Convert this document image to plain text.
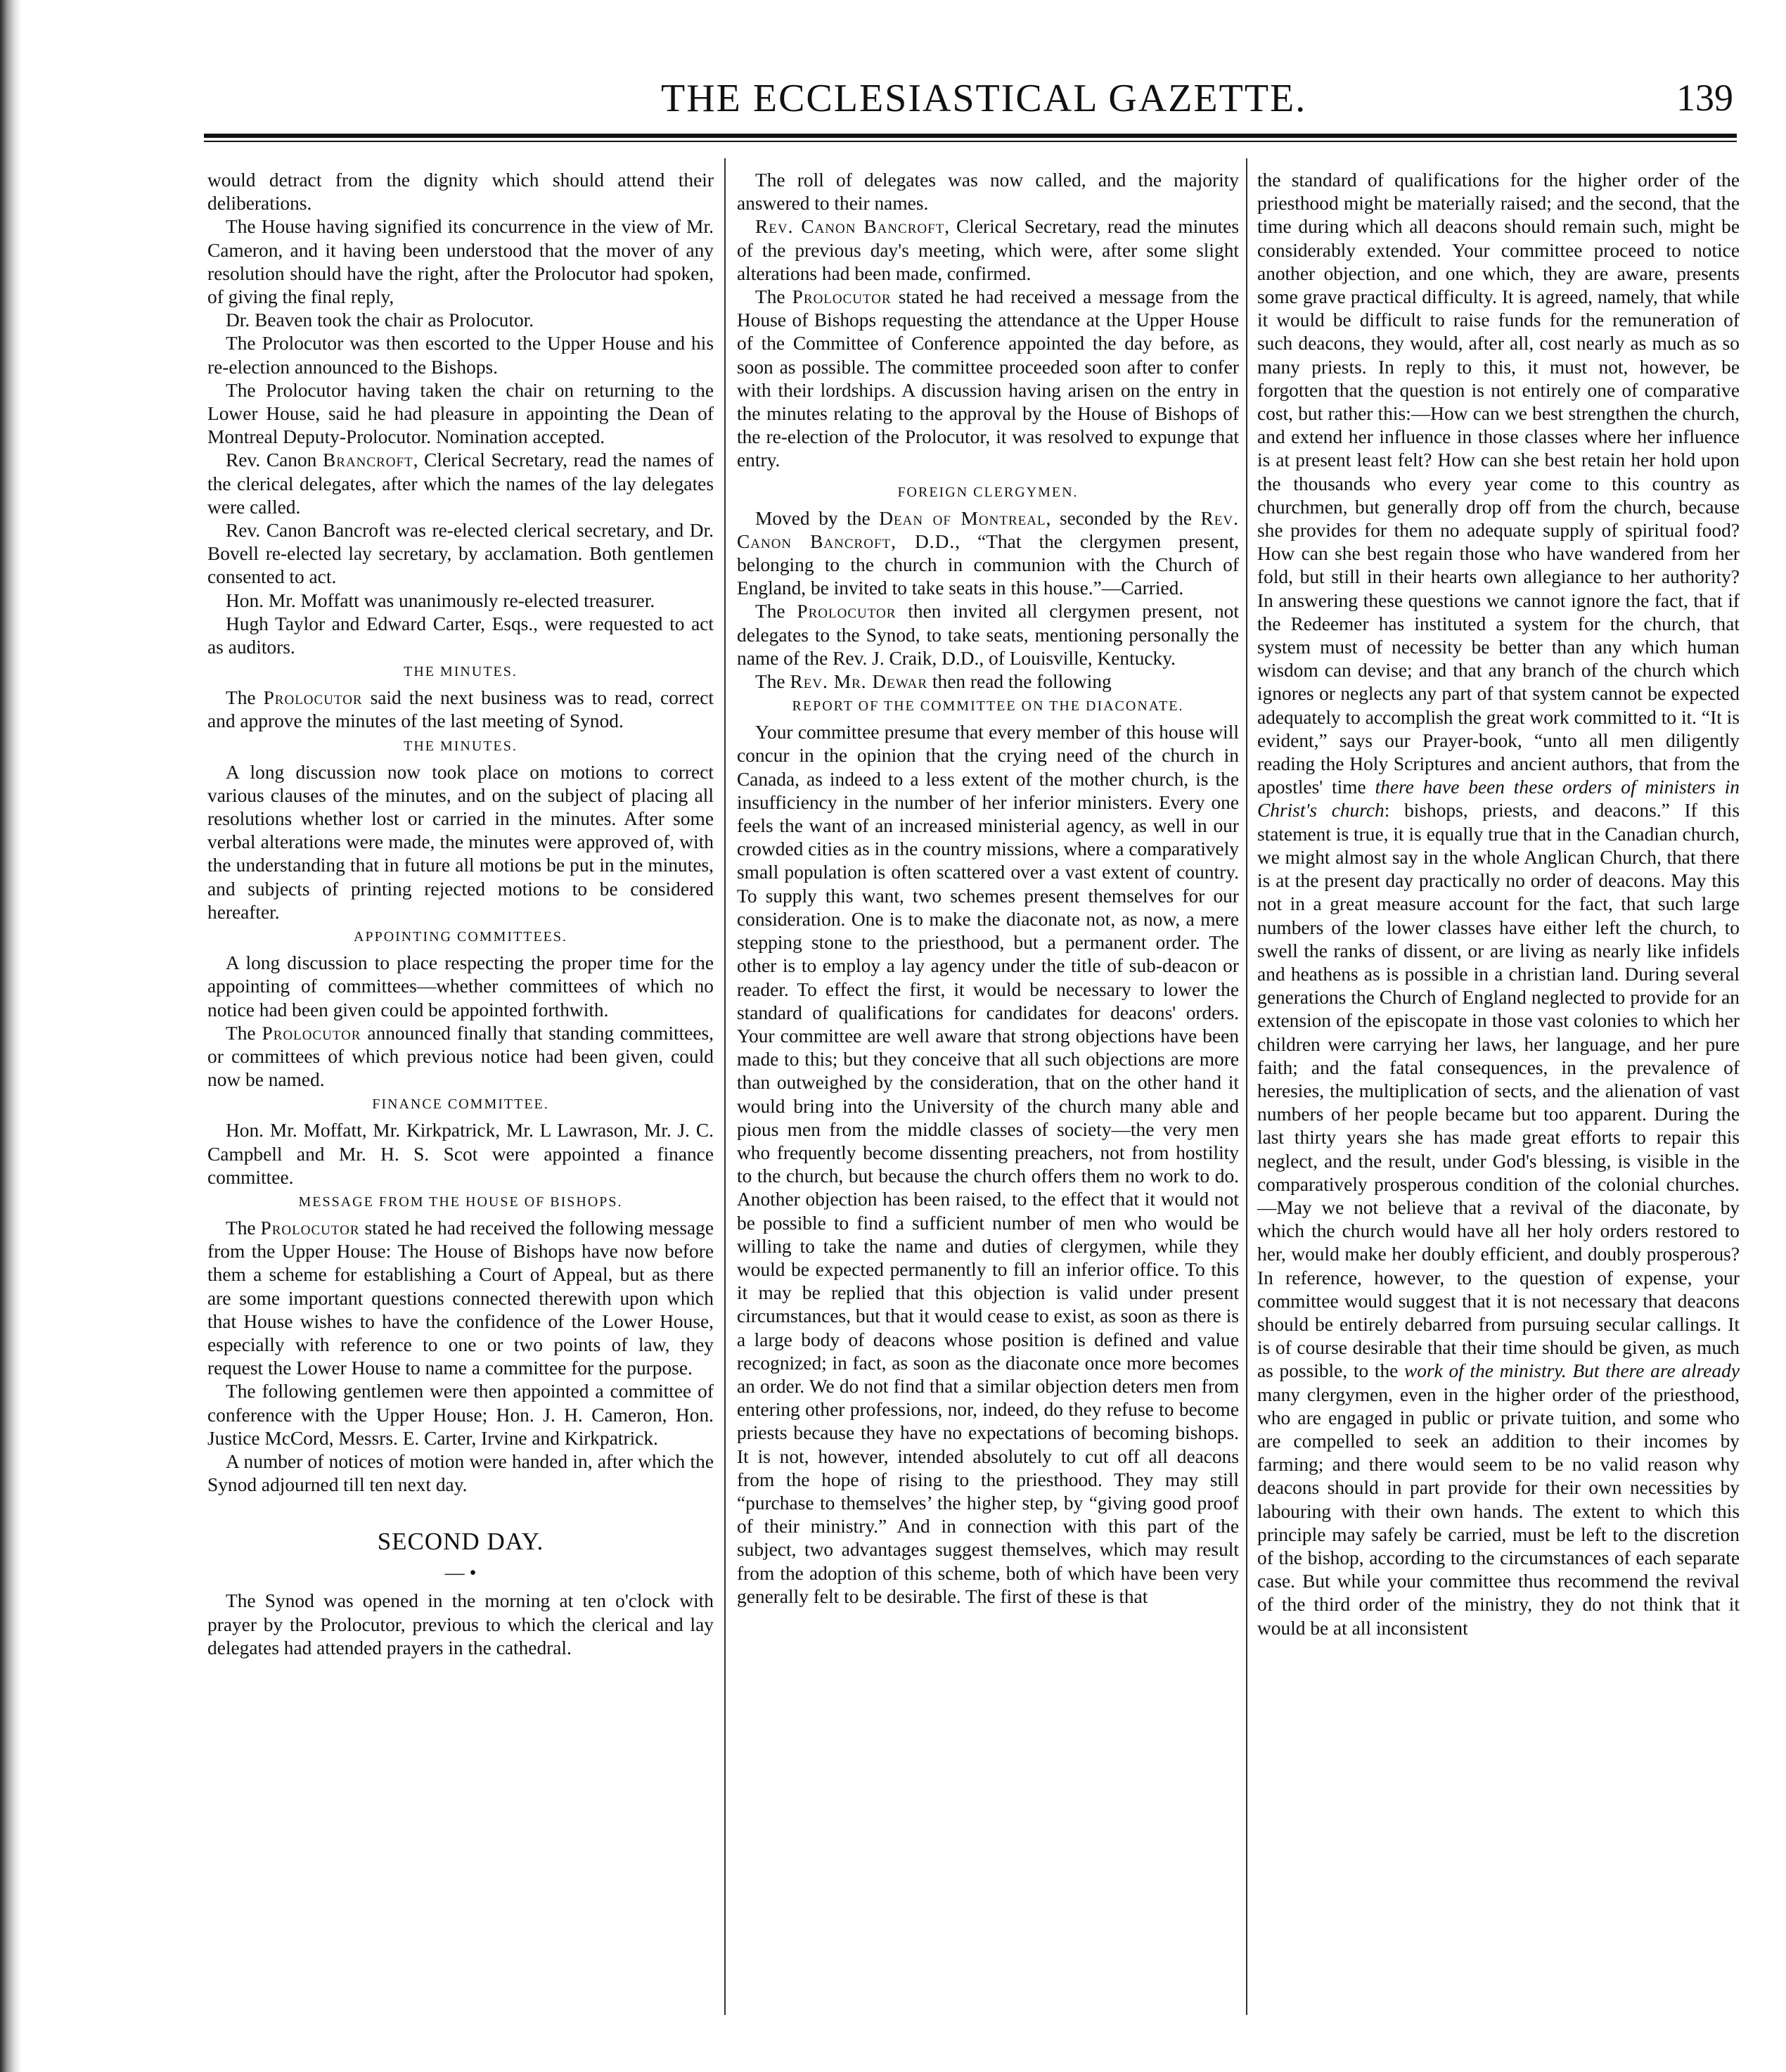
THE ECCLESIASTICAL GAZETTE.	139

would detract from the dignity which should attend their deliberations.

The House having signified its concurrence in the view of Mr. Cameron, and it having been understood that the mover of any resolution should have the right, after the Prolocutor had spoken, of giving the final reply,

Dr. Beaven took the chair as Prolocutor.

The Prolocutor was then escorted to the Upper House and his re-election announced to the Bishops.

The Prolocutor having taken the chair on returning to the Lower House, said he had pleasure in appointing the Dean of Montreal Deputy-Prolocutor. Nomination accepted.

Rev. Canon Brancroft, Clerical Secretary, read the names of the clerical delegates, after which the names of the lay delegates were called.

Rev. Canon Bancroft was re-elected clerical secretary, and Dr. Bovell re-elected lay secretary, by acclamation. Both gentlemen consented to act.

Hon. Mr. Moffatt was unanimously re-elected treasurer.

Hugh Taylor and Edward Carter, Esqs., were requested to act as auditors.

THE MINUTES.

The Prolocutor said the next business was to read, correct and approve the minutes of the last meeting of Synod.

THE MINUTES.

A long discussion now took place on motions to correct various clauses of the minutes, and on the subject of placing all resolutions whether lost or carried in the minutes. After some verbal alterations were made, the minutes were approved of, with the understanding that in future all motions be put in the minutes, and subjects of printing rejected motions to be considered hereafter.

APPOINTING COMMITTEES.

A long discussion to place respecting the proper time for the appointing of committees—whether committees of which no notice had been given could be appointed forthwith.

The Prolocutor announced finally that standing committees, or committees of which previous notice had been given, could now be named.

FINANCE COMMITTEE.

Hon. Mr. Moffatt, Mr. Kirkpatrick, Mr. L Lawrason, Mr. J. C. Campbell and Mr. H. S. Scot were appointed a finance committee.

MESSAGE FROM THE HOUSE OF BISHOPS.

The Prolocutor stated he had received the following message from the Upper House: The House of Bishops have now before them a scheme for establishing a Court of Appeal, but as there are some important questions connected therewith upon which that House wishes to have the confidence of the Lower House, especially with reference to one or two points of law, they request the Lower House to name a committee for the purpose.

The following gentlemen were then appointed a committee of conference with the Upper House; Hon. J. H. Cameron, Hon. Justice McCord, Messrs. E. Carter, Irvine and Kirkpatrick.

A number of notices of motion were handed in, after which the Synod adjourned till ten next day.

SECOND DAY.
— •

The Synod was opened in the morning at ten o'clock with prayer by the Prolocutor, previous to which the clerical and lay delegates had attended prayers in the cathedral.

The roll of delegates was now called, and the majority answered to their names.

Rev. Canon Bancroft, Clerical Secretary, read the minutes of the previous day's meeting, which were, after some slight alterations had been made, confirmed.

The Prolocutor stated he had received a message from the House of Bishops requesting the attendance at the Upper House of the Committee of Conference appointed the day before, as soon as possible. The committee proceeded soon after to confer with their lordships. A discussion having arisen on the entry in the minutes relating to the approval by the House of Bishops of the re-election of the Prolocutor, it was resolved to expunge that entry.

FOREIGN CLERGYMEN.

Moved by the Dean of Montreal, seconded by the Rev. Canon Bancroft, D.D., “That the clergymen present, belonging to the church in communion with the Church of England, be invited to take seats in this house.”—Carried.

The Prolocutor then invited all clergymen present, not delegates to the Synod, to take seats, mentioning personally the name of the Rev. J. Craik, D.D., of Louisville, Kentucky.

The Rev. Mr. Dewar then read the following

REPORT OF THE COMMITTEE ON THE DIACONATE.

Your committee presume that every member of this house will concur in the opinion that the crying need of the church in Canada, as indeed to a less extent of the mother church, is the insufficiency in the number of her inferior ministers. Every one feels the want of an increased ministerial agency, as well in our crowded cities as in the country missions, where a comparatively small population is often scattered over a vast extent of country. To supply this want, two schemes present themselves for our consideration. One is to make the diaconate not, as now, a mere stepping stone to the priesthood, but a permanent order. The other is to employ a lay agency under the title of sub-deacon or reader. To effect the first, it would be necessary to lower the standard of qualifications for candidates for deacons' orders. Your committee are well aware that strong objections have been made to this; but they conceive that all such objections are more than outweighed by the consideration, that on the other hand it would bring into the University of the church many able and pious men from the middle classes of society—the very men who frequently become dissenting preachers, not from hostility to the church, but because the church offers them no work to do. Another objection has been raised, to the effect that it would not be possible to find a sufficient number of men who would be willing to take the name and duties of clergymen, while they would be expected permanently to fill an inferior office. To this it may be replied that this objection is valid under present circumstances, but that it would cease to exist, as soon as there is a large body of deacons whose position is defined and value recognized; in fact, as soon as the diaconate once more becomes an order. We do not find that a similar objection deters men from entering other professions, nor, indeed, do they refuse to become priests because they have no expectations of becoming bishops. It is not, however, intended absolutely to cut off all deacons from the hope of rising to the priesthood. They may still “purchase to themselves’ the higher step, by “giving good proof of their ministry.” And in connection with this part of the subject, two advantages suggest themselves, which may result from the adoption of this scheme, both of which have been very generally felt to be desirable. The first of these is that

the standard of qualifications for the higher order of the priesthood might be materially raised; and the second, that the time during which all deacons should remain such, might be considerably extended. Your committee proceed to notice another objection, and one which, they are aware, presents some grave practical difficulty. It is agreed, namely, that while it would be difficult to raise funds for the remuneration of such deacons, they would, after all, cost nearly as much as so many priests. In reply to this, it must not, however, be forgotten that the question is not entirely one of comparative cost, but rather this:—How can we best strengthen the church, and extend her influence in those classes where her influence is at present least felt? How can she best retain her hold upon the thousands who every year come to this country as churchmen, but generally drop off from the church, because she provides for them no adequate supply of spiritual food? How can she best regain those who have wandered from her fold, but still in their hearts own allegiance to her authority? In answering these questions we cannot ignore the fact, that if the Redeemer has instituted a system for the church, that system must of necessity be better than any which human wisdom can devise; and that any branch of the church which ignores or neglects any part of that system cannot be expected adequately to accomplish the great work committed to it. “It is evident,” says our Prayer-book, “unto all men diligently reading the Holy Scriptures and ancient authors, that from the apostles' time there have been these orders of ministers in Christ's church: bishops, priests, and deacons.” If this statement is true, it is equally true that in the Canadian church, we might almost say in the whole Anglican Church, that there is at the present day practically no order of deacons. May this not in a great measure account for the fact, that such large numbers of the lower classes have either left the church, to swell the ranks of dissent, or are living as nearly like infidels and heathens as is possible in a christian land. During several generations the Church of England neglected to provide for an extension of the episcopate in those vast colonies to which her children were carrying her laws, her language, and her pure faith; and the fatal consequences, in the prevalence of heresies, the multiplication of sects, and the alienation of vast numbers of her people became but too apparent. During the last thirty years she has made great efforts to repair this neglect, and the result, under God's blessing, is visible in the comparatively prosperous condition of the colonial churches.—May we not believe that a revival of the diaconate, by which the church would have all her holy orders restored to her, would make her doubly efficient, and doubly prosperous? In reference, however, to the question of expense, your committee would suggest that it is not necessary that deacons should be entirely debarred from pursuing secular callings. It is of course desirable that their time should be given, as much as possible, to the work of the ministry. But there are already many clergymen, even in the higher order of the priesthood, who are engaged in public or private tuition, and some who are compelled to seek an addition to their incomes by farming; and there would seem to be no valid reason why deacons should in part provide for their own necessities by labouring with their own hands. The extent to which this principle may safely be carried, must be left to the discretion of the bishop, according to the circumstances of each separate case. But while your committee thus recommend the revival of the third order of the ministry, they do not think that it would be at all inconsistent
